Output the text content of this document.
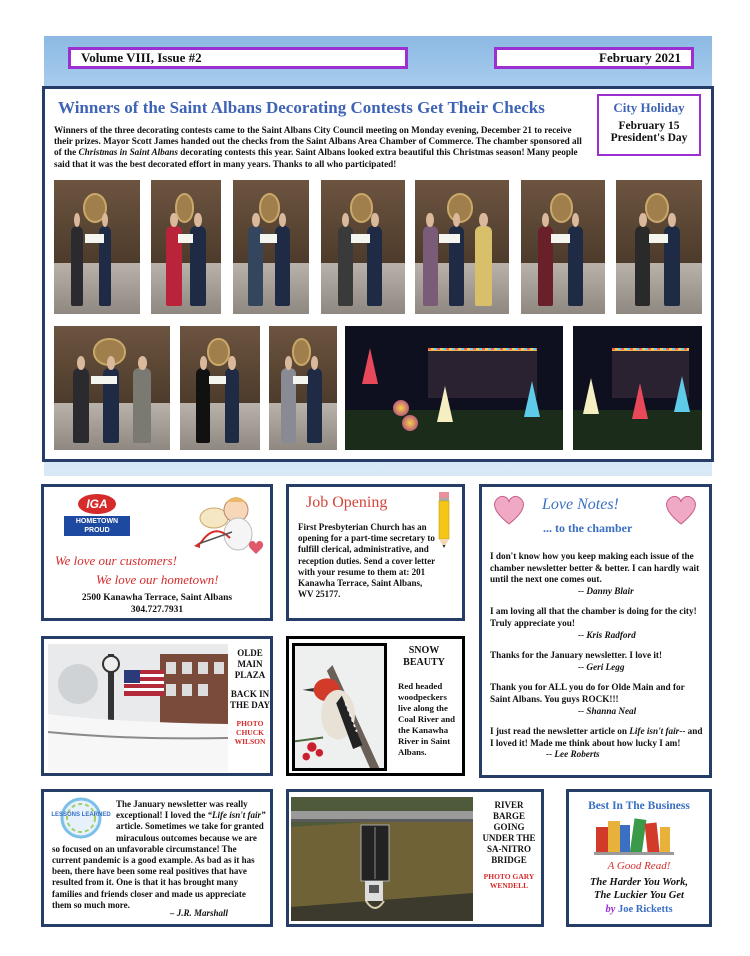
Volume VIII, Issue #2	February 2021
Winners of the Saint Albans Decorating Contests Get Their Checks
Winners of the three decorating contests came to the Saint Albans City Council meeting on Monday evening, December 21 to receive their prizes. Mayor Scott James handed out the checks from the Saint Albans Area Chamber of Commerce. The chamber sponsored all of the Christmas in Saint Albans decorating contests this year. Saint Albans looked extra beautiful this Christmas season! Many people said that it was the best decorated effort in many years. Thanks to all who participated!
City Holiday
February 15
President's Day
IGA
HOMETOWN PROUD
We love our customers!
We love our hometown!
2500 Kanawha Terrace, Saint Albans
304.727.7931
Job Opening
First Presbyterian Church has an opening for a part-time secretary to fulfill clerical, administrative, and reception duties. Send a cover letter with your resume to them at: 201 Kanawha Terrace, Saint Albans, WV 25177.
Love Notes!
... to the chamber
I don't know how you keep making each issue of the chamber newsletter better & better. I can hardly wait until the next one comes out.
-- Danny Blair
I am loving all that the chamber is doing for the city! Truly appreciate you!
-- Kris Radford
Thanks for the January newsletter. I love it!
-- Geri Legg
Thank you for ALL you do for Olde Main and for Saint Albans. You guys ROCK!!!
-- Shanna Neal
I just read the newsletter article on Life isn't fair-- and I loved it! Made me think about how lucky I am!
-- Lee Roberts
OLDE MAIN PLAZA
BACK IN THE DAY
PHOTO CHUCK WILSON
SNOW BEAUTY
Red headed woodpeckers live along the Coal River and the Kanawha River in Saint Albans.
The January newsletter was really exceptional! I loved the “Life isn't fair” article. Sometimes we take for granted miraculous outcomes because we are so focused on an unfavorable circumstance! The current pandemic is a good example. As bad as it has been, there have been some real positives that have resulted from it. One is that it has brought many families and friends closer and made us appreciate them so much more.
LESSONS LEARNED
– J.R. Marshall
RIVER BARGE GOING UNDER THE SA-NITRO BRIDGE
PHOTO GARY WENDELL
Best In The Business
A Good Read!
The Harder You Work,
The Luckier You Get
by Joe Ricketts
